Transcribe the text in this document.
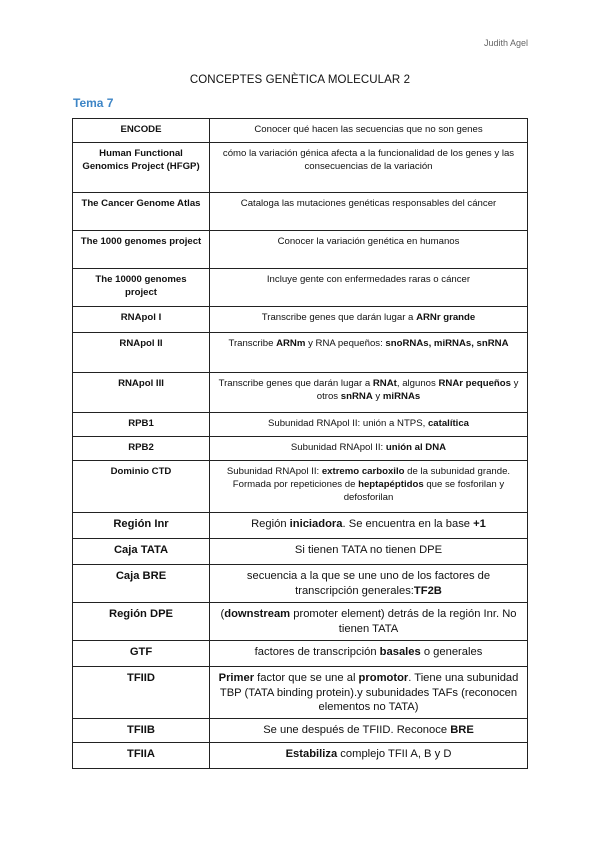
Judith Agel
CONCEPTES GENÈTICA MOLECULAR 2
Tema 7
ENCODE	Conocer qué hacen las secuencias que no son genes
Human Functional Genomics Project (HFGP)	cómo la variación génica afecta a la funcionalidad de los genes y las consecuencias de la variación
The Cancer Genome Atlas	Cataloga las mutaciones genéticas responsables del cáncer
The 1000 genomes project	Conocer la variación genética en humanos
The 10000 genomes project	Incluye gente con enfermedades raras o cáncer
RNApol I	Transcribe genes que darán lugar a ARNr grande
RNApol II	Transcribe ARNm y RNA pequeños: snoRNAs, miRNAs, snRNA
RNApol III	Transcribe genes que darán lugar a RNAt, algunos RNAr pequeños y otros snRNA y miRNAs
RPB1	Subunidad RNApol II: unión a NTPS, catalítica
RPB2	Subunidad RNApol II: unión al DNA
Dominio CTD	Subunidad RNApol II: extremo carboxilo de la subunidad grande. Formada por repeticiones de heptapéptidos que se fosforilan y defosforilan
Región Inr	Región iniciadora. Se encuentra en la base +1
Caja TATA	Si tienen TATA no tienen DPE
Caja BRE	secuencia a la que se une uno de los factores de transcripción generales:TF2B
Región DPE	(downstream promoter element) detrás de la región Inr. No tienen TATA
GTF	factores de transcripción basales o generales
TFIID	Primer factor que se une al promotor. Tiene una subunidad TBP (TATA binding protein).y subunidades TAFs (reconocen elementos no TATA)
TFIIB	Se une después de TFIID. Reconoce BRE
TFIIA	Estabiliza complejo TFII A, B y D
